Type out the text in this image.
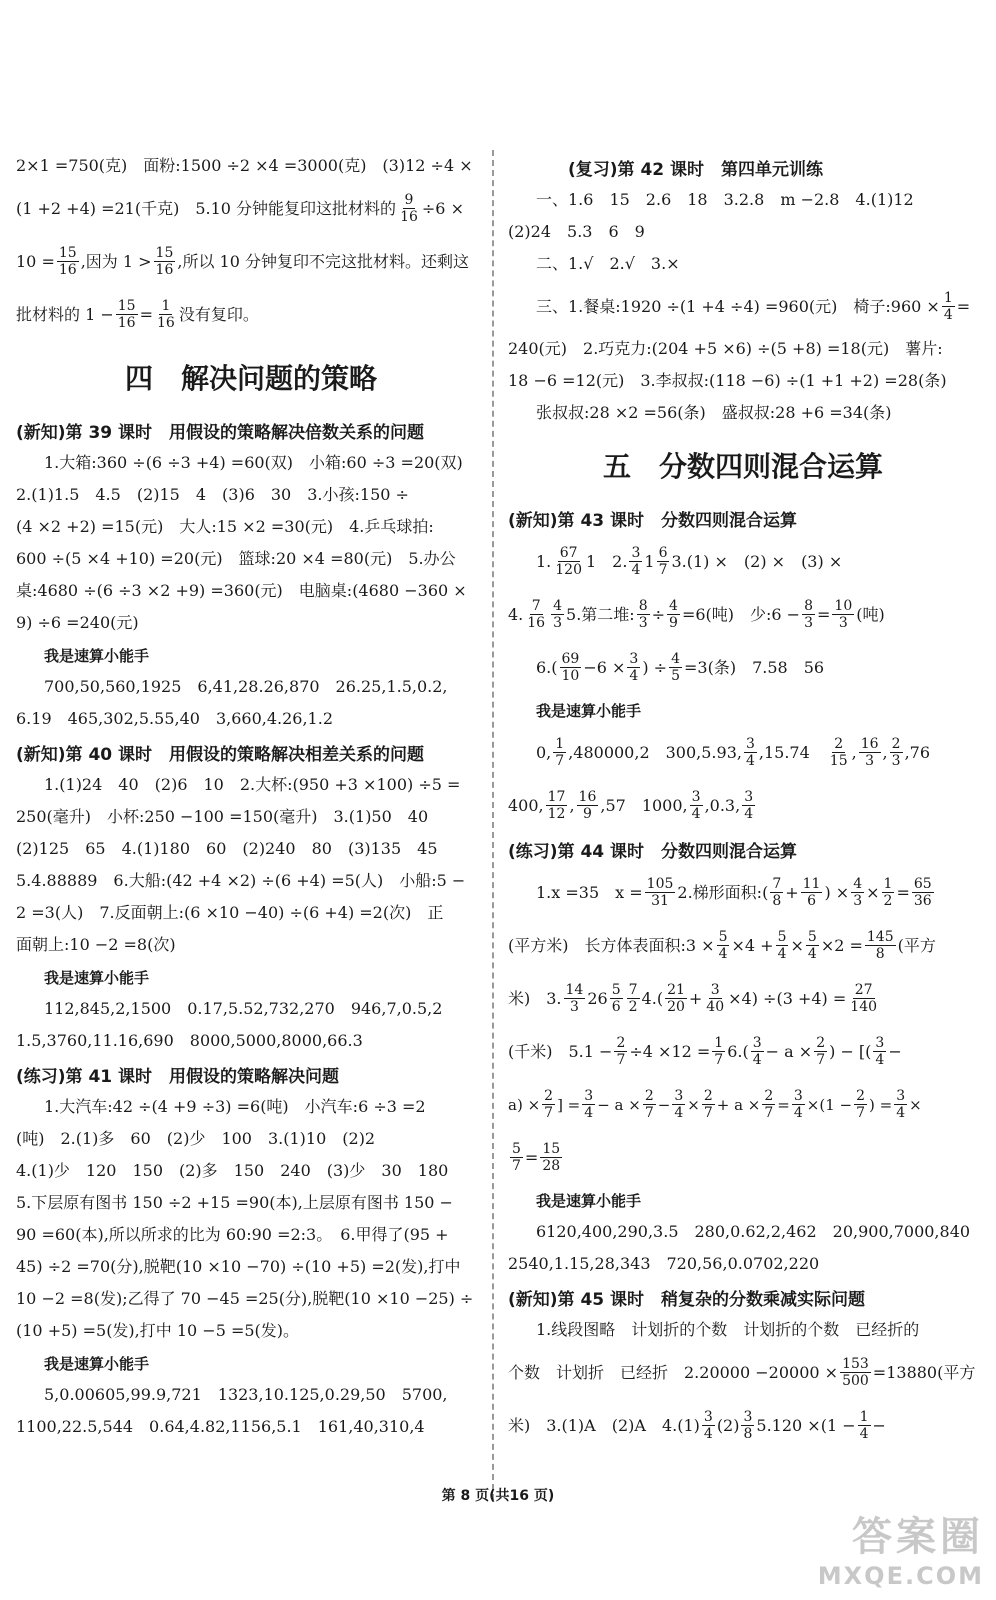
2×1 =750(克)　面粉:1500 ÷2 ×4 =3000(克)　(3)12 ÷4 ×

(1 +2 +4) =21(千克)　5.10 分钟能复印这批材料的 $\frac{9}{16} \div 6$ ×

$10 = \frac{15}{16}$ ,因为 $1 > \frac{15}{16}$ ,所以 10 分钟复印不完这批材料。还剩这

批材料的 $1 - \frac{15}{16} = \frac{1}{16}$ 没有复印。

四　解决问题的策略
(新知)第 39 课时　用假设的策略解决倍数关系的问题

1.大箱:360 ÷(6 ÷3 +4) =60(双)　小箱:60 ÷3 =20(双)

2.(1)1.5　4.5　(2)15　4　(3)6　30　3.小孩:150 ÷

(4 ×2 +2) =15(元)　大人:15 ×2 =30(元)　4.乒乓球拍:

600 ÷(5 ×4 +10) =20(元)　篮球:20 ×4 =80(元)　5.办公

桌:4680 ÷(6 ÷3 ×2 +9) =360(元)　电脑桌:(4680 −360 ×

9) ÷6 =240(元)

我是速算小能手

700,50,560,1925　6,41,28.26,870　26.25,1.5,0.2,

6.19　465,302,5.55,40　3,660,4.26,1.2

(新知)第 40 课时　用假设的策略解决相差关系的问题

1.(1)24　40　(2)6　10　2.大杯:(950 +3 ×100) ÷5 =

250(毫升)　小杯:250 −100 =150(毫升)　3.(1)50　40

(2)125　65　4.(1)180　60　(2)240　80　(3)135　45

5.4.88889　6.大船:(42 +4 ×2) ÷(6 +4) =5(人)　小船:5 −

2 =3(人)　7.反面朝上:(6 ×10 −40) ÷(6 +4) =2(次)　正

面朝上:10 −2 =8(次)

我是速算小能手

112,845,2,1500　0.17,5.52,732,270　946,7,0.5,2

1.5,3760,11.16,690　8000,5000,8000,66.3

(练习)第 41 课时　用假设的策略解决问题

1.大汽车:42 ÷(4 +9 ÷3) =6(吨)　小汽车:6 ÷3 =2

(吨)　2.(1)多　60　(2)少　100　3.(1)10　(2)2

4.(1)少　120　150　(2)多　150　240　(3)少　30　180

5.下层原有图书 150 ÷2 +15 =90(本),上层原有图书 150 −

90 =60(本),所以所求的比为 60:90 =2:3。　6.甲得了(95 +

45) ÷2 =70(分),脱靶(10 ×10 −70) ÷(10 +5) =2(发),打中

10 −2 =8(发);乙得了 70 −45 =25(分),脱靶(10 ×10 −25) ÷

(10 +5) =5(发),打中 10 −5 =5(发)。

我是速算小能手

5,0.00605,99.9,721　1323,10.125,0.29,50　5700,

1100,22.5,544　0.64,4.82,1156,5.1　161,40,310,4

(复习)第 42 课时　第四单元训练

一、1.6　15　2.6　18　3.2.8　m −2.8　4.(1)12

(2)24　5.3　6　9

二、1.√　2.√　3.×

三、1.餐桌:1920 ÷(1 +4 ÷4) =960(元)　椅子:960 × $\frac{1}{4}$ =

240(元)　2.巧克力:(204 +5 ×6) ÷(5 +8) =18(元)　薯片:

18 −6 =12(元)　3.李叔叔:(118 −6) ÷(1 +1 +2) =28(条)

张叔叔:28 ×2 =56(条)　盛叔叔:28 +6 =34(条)

五　分数四则混合运算
(新知)第 43 课时　分数四则混合运算

1. $\frac{67}{120} 1$　2. $\frac{3}{4} 1 \frac{6}{7} 3.(1)$ ×　(2) ×　(3) ×

4. $\frac{7}{16} \frac{4}{3} 5$.第二堆: $\frac{8}{3} \div \frac{4}{9} =6$(吨)　少:6 − $\frac{8}{3} = \frac{10}{3}$ (吨)

$6.( \frac{69}{10} -6 \times \frac{3}{4}$ ) ÷ $\frac{4}{5} =3$(条)　7.58　56

我是速算小能手

0, $\frac{1}{7} ,480000,2$　300,5.93, $\frac{3}{4} ,15.74$　 $\frac{2}{15}$ , $\frac{16}{3}$ , $\frac{2}{3} ,76$

400, $\frac{17}{12}$ , $\frac{16}{9} ,57$　1000, $\frac{3}{4} ,0.3$, $\frac{3}{4}$

(练习)第 44 课时　分数四则混合运算

1.x =35　$x = \frac{105}{31} 2$.梯形面积:( $\frac{7}{8} + \frac{11}{6}$ ) × $\frac{4}{3} \times \frac{1}{2} = \frac{65}{36}$

(平方米)　长方体表面积:3 × $\frac{5}{4} \times 4 + \frac{5}{4} \times \frac{5}{4} \times 2 = \frac{145}{8}$ (平方

米)　3. $\frac{14}{3} 26 \frac{5}{6} \frac{7}{2} 4.( \frac{21}{20} + \frac{3}{40} \times 4) \div(3 +4) = \frac{27}{140}$

(千米)　$5.1 - \frac{2}{7} \div 4 \times 12 = \frac{1}{7} 6.( \frac{3}{4} - a \times \frac{2}{7}$ ) − [( $\frac{3}{4}$ −

$a) \times \frac{2}{7}$ ] = $\frac{3}{4} - a \times \frac{2}{7} - \frac{3}{4} \times \frac{2}{7} + a \times \frac{2}{7} = \frac{3}{4} \times(1 - \frac{2}{7}$ ) = $\frac{3}{4}$ ×

$\frac{5}{7} = \frac{15}{28}$

我是速算小能手

6120,400,290,3.5　280,0.62,2,462　20,900,7000,840

2540,1.15,28,343　720,56,0.0702,220

(新知)第 45 课时　稍复杂的分数乘减实际问题

1.线段图略　计划折的个数　计划折的个数　已经折的

个数　计划折　已经折　$2.20000 -20000 \times \frac{153}{500} =13880$(平方

米)　3.(1)A　(2)A　$4.(1) \frac{3}{4} (2) \frac{3}{8} 5.120 \times(1 - \frac{1}{4}$ −

第 8 页(共16 页)
答案圈
MXQE.COM
